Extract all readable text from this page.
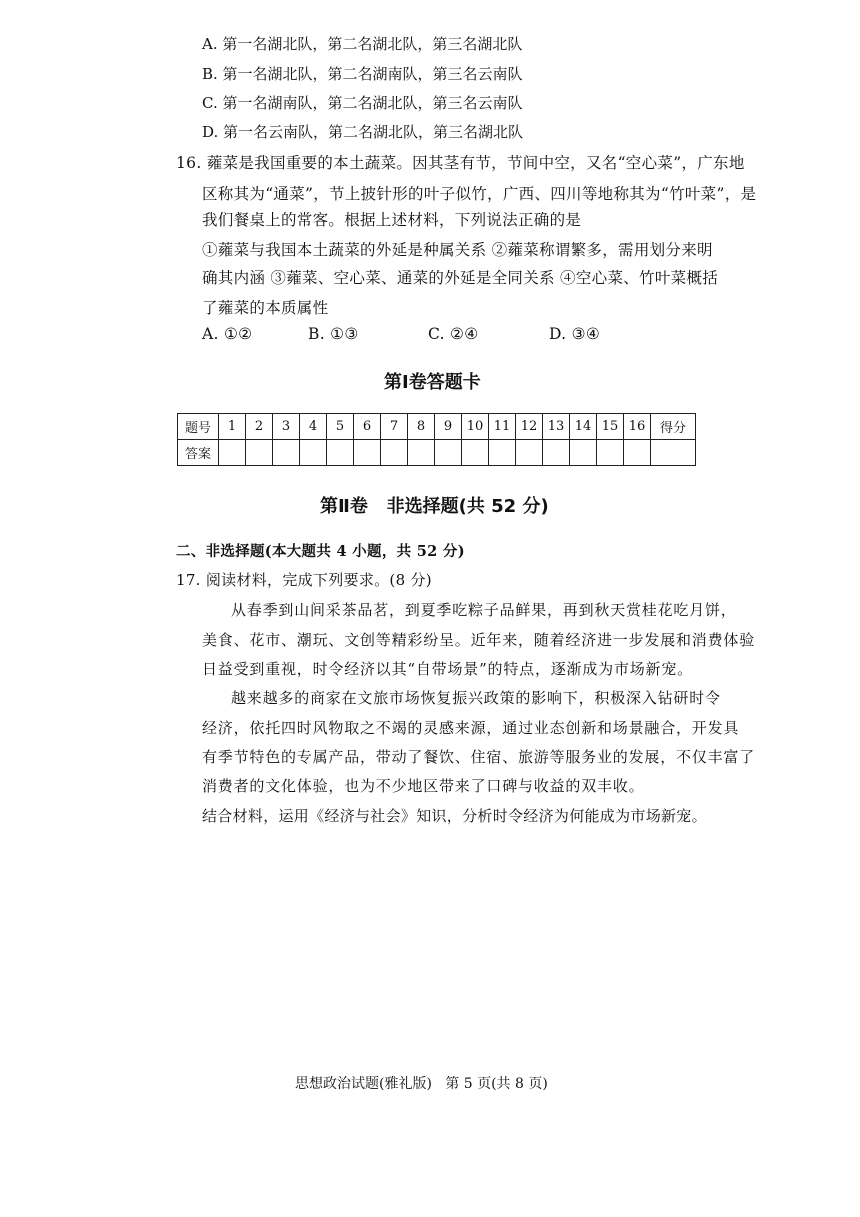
A. 第一名湖北队，第二名湖北队，第三名湖北队
B. 第一名湖北队，第二名湖南队，第三名云南队
C. 第一名湖南队，第二名湖北队，第三名云南队
D. 第一名云南队，第二名湖北队，第三名湖北队
16. 蕹菜是我国重要的本土蔬菜。因其茎有节，节间中空，又名“空心菜”，广东地
区称其为“通菜”，节上披针形的叶子似竹，广西、四川等地称其为“竹叶菜”，是
我们餐桌上的常客。根据上述材料，下列说法正确的是
①蕹菜与我国本土蔬菜的外延是种属关系 ②蕹菜称谓繁多，需用划分来明
确其内涵 ③蕹菜、空心菜、通菜的外延是全同关系 ④空心菜、竹叶菜概括
了蕹菜的本质属性
A. ①②	B. ①③	C. ②④	D. ③④
第Ⅰ卷答题卡
题号	1	2	3	4	5	6	7	8	9	10	11	12	13	14	15	16	得分
答案																	
第Ⅱ卷   非选择题(共 52 分)
二、非选择题(本大题共 4 小题，共 52 分)
17. 阅读材料，完成下列要求。(8 分)
从春季到山间采茶品茗，到夏季吃粽子品鲜果，再到秋天赏桂花吃月饼，
美食、花市、潮玩、文创等精彩纷呈。近年来，随着经济进一步发展和消费体验
日益受到重视，时令经济以其“自带场景”的特点，逐渐成为市场新宠。
越来越多的商家在文旅市场恢复振兴政策的影响下，积极深入钻研时令
经济，依托四时风物取之不竭的灵感来源，通过业态创新和场景融合，开发具
有季节特色的专属产品，带动了餐饮、住宿、旅游等服务业的发展，不仅丰富了
消费者的文化体验，也为不少地区带来了口碑与收益的双丰收。
结合材料，运用《经济与社会》知识，分析时令经济为何能成为市场新宠。
思想政治试题(雅礼版)   第 5 页(共 8 页)
